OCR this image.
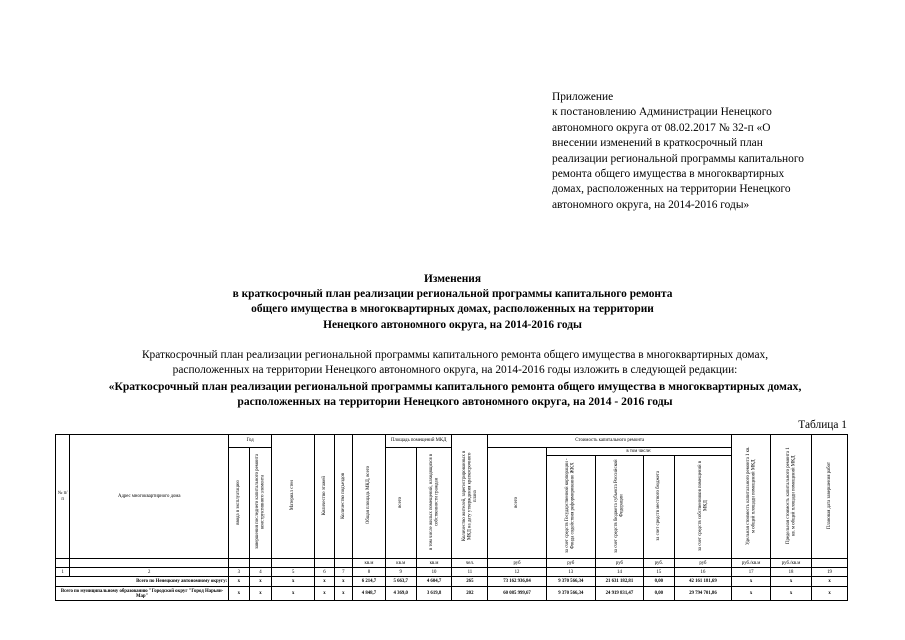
Приложение
к постановлению Администрации Ненецкого
автономного округа от 08.02.2017 № 32-п «О
внесении изменений в краткосрочный план
реализации региональной программы капитального
ремонта общего имущества в многоквартирных
домах, расположенных на территории Ненецкого
автономного округа, на 2014-2016 годы»
Изменения
в краткосрочный план реализации региональной программы капитального ремонта
общего имущества в многоквартирных домах, расположенных на территории
Ненецкого автономного округа, на 2014-2016 годы
Краткосрочный план реализации региональной программы капитального ремонта общего имущества в многоквартирных домах,
расположенных на территории Ненецкого автономного округа, на 2014-2016 годы изложить в следующей редакции:
«Краткосрочный план реализации региональной программы капитального ремонта общего имущества в многоквартирных домах,
расположенных на территории Ненецкого автономного округа, на 2014 - 2016 годы
Таблица 1
№ п/п	Адрес многоквартирного дома	Год		Материал стен	Количество этажей	Количество подъездов	Общая площадь МКД, всего	Площадь помещений МКД		Количество жителей, зарегистрированных в МКД на дату утверждения краткосрочного плана	Стоимость капитального ремонта					Удельная стоимость капитального ремонта 1 кв. м общей площади помещений МКД	Предельная стоимость капитального ремонта 1 кв. м общей площади помещений МКД	Плановая дата завершения работ
		ввода в эксплуатацию	завершения последнего капитального ремонта конструктивного элемента					всего	в том числе жилых помещений, находящихся в собственности граждан		всего	в том числе:						
												за счет средств Государственной корпорации - Фонда содействия реформированию ЖКХ	за счет средств бюджета субъекта Российской Федерации	за счет средств местного бюджета	за счет средств собственников помещений в МКД			
							кв.м	кв.м	кв.м	чел.	руб	руб	руб	руб.	руб	руб./кв.м	руб./кв.м	
1	2	3	4	5	6	7	8	9	10	11	12	13	14	15	16	17	18	19
Всего по Ненецкому автономному округу:		х	х	х	х	х	6 214,7	5 663,7	4 604,7	265	73 162 936,84	9 370 566,34	21 631 182,81	0,00	42 161 181,69	х	х	х
Всего по муниципальному образованию "Городской округ "Город Нарьян-Мар"		х	х	х	х	х	4 848,7	4 369,0	3 619,8	202	60 085 999,67	9 370 566,34	24 919 831,47	0,00	29 794 701,86	х	х	х
